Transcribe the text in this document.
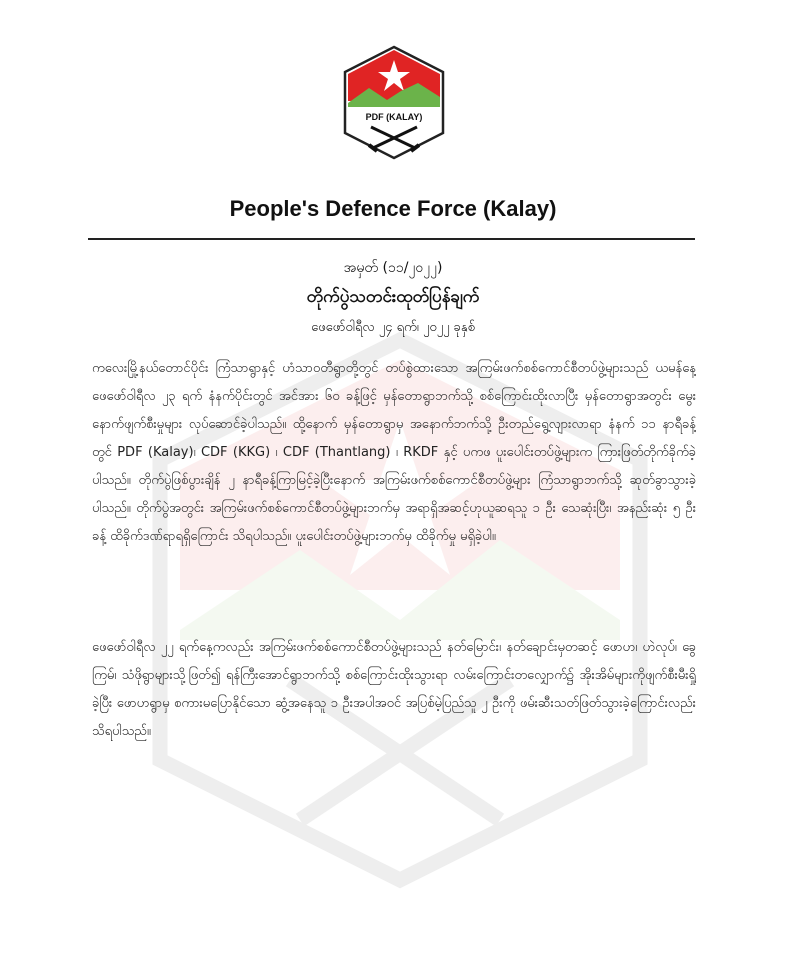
PDF (KALAY)
People's Defence Force (Kalay)
အမှတ် (၁၁/၂၀၂၂)
တိုက်ပွဲသတင်းထုတ်ပြန်ချက်
ဖေဖော်ဝါရီလ ၂၄ ရက်၊ ၂၀၂၂ ခုနှစ်
ကလေးမြို့နယ်တောင်ပိုင်း ကြံသာရွာနှင့် ဟံသာဝတီရွာတို့တွင် တပ်စွဲထားသော အကြမ်းဖက်စစ်ကောင်စီတပ်ဖွဲ့များသည် ယမန်နေ့ ဖေဖော်ဝါရီလ ၂၃ ရက် နံနက်ပိုင်းတွင် အင်အား ၆၀ ခန့်ဖြင့် မှန်တောရွာဘက်သို့ စစ်ကြောင်းထိုးလာပြီး မှန်တောရွာအတွင်း မွေးနောက်ဖျက်စီးမှုများ လုပ်ဆောင်ခဲ့ပါသည်။ ထို့နောက် မှန်တောရွာမှ အနောက်ဘက်သို့ ဦးတည်ရွေ့လျားလာရာ နံနက် ၁၁ နာရီခန့်တွင် PDF (Kalay)၊ CDF (KKG) ၊ CDF (Thantlang) ၊ RKDF နှင့် ပကဖ ပူးပေါင်းတပ်ဖွဲ့များက ကြားဖြတ်တိုက်ခိုက်ခဲ့ပါသည်။ တိုက်ပွဲဖြစ်ပွားချိန် ၂ နာရီခန့်ကြာမြင့်ခဲ့ပြီးနောက် အကြမ်းဖက်စစ်ကောင်စီတပ်ဖွဲ့များ ကြံသာရွာဘက်သို့ ဆုတ်ခွာသွားခဲ့ပါသည်။ တိုက်ပွဲအတွင်း အကြမ်းဖက်စစ်ကောင်စီတပ်ဖွဲ့များဘက်မှ အရာရှိအဆင့်ဟုယူဆရသူ ၁ ဦး သေဆုံးပြီး၊ အနည်းဆုံး ၅ ဦးခန့် ထိခိုက်ဒဏ်ရာရရှိကြောင်း သိရပါသည်။ ပူးပေါင်းတပ်ဖွဲ့များဘက်မှ ထိခိုက်မှု မရှိခဲ့ပါ။
ဖေဖော်ဝါရီလ ၂၂ ရက်နေ့ကလည်း အကြမ်းဖက်စစ်ကောင်စီတပ်ဖွဲ့များသည် နတ်မြောင်း၊ နတ်ချောင်းမှတဆင့် ဖောဟ၊ ဟဲလုပ်၊ ခွေကြမ်၊ သံဖိုရွာများသို့ဖြတ်၍ ရန်ကြီးအောင်ရွာဘက်သို့ စစ်ကြောင်းထိုးသွားရာ လမ်းကြောင်းတလျှောက်၌ အိုးအိမ်များကိုဖျက်စီးမီးရှို့ခဲ့ပြီး ဖောဟရွာမှ စကားမပြောနိုင်သော ဆွံ့အနေသူ ၁ ဦးအပါအဝင် အပြစ်မဲ့ပြည်သူ ၂ ဦးကို ဖမ်းဆီးသတ်ဖြတ်သွားခဲ့ကြောင်းလည်း သိရပါသည်။
